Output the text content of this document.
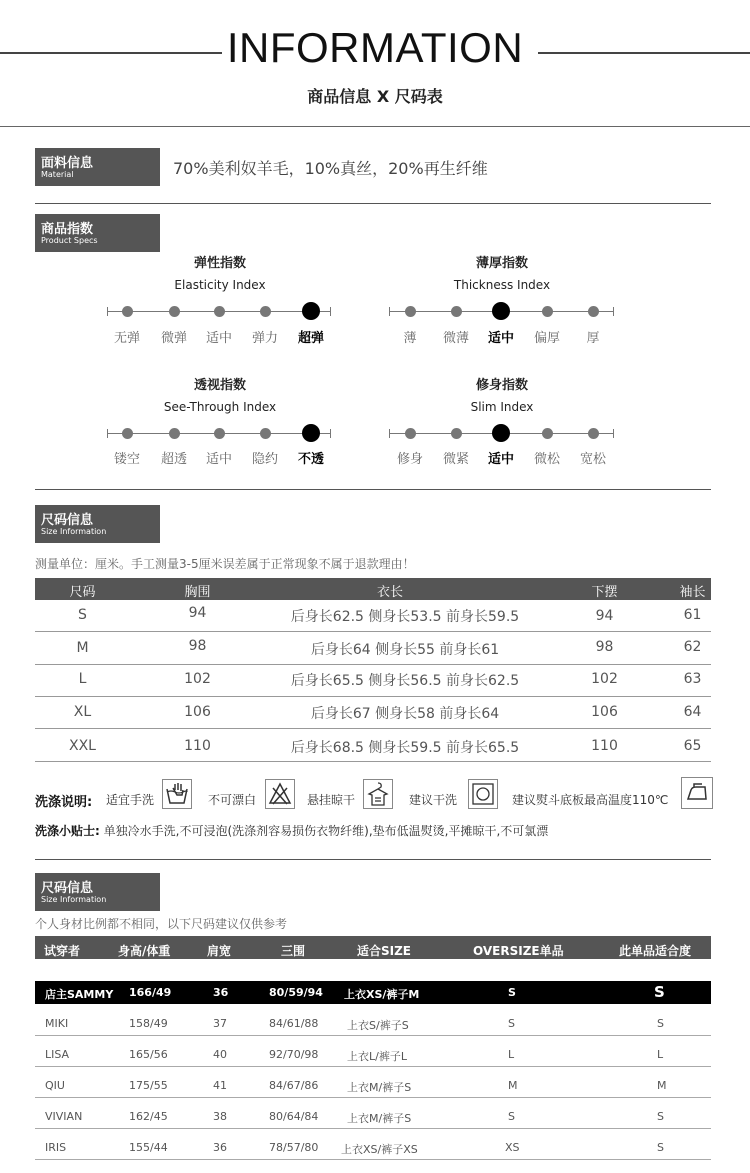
INFORMATION
商品信息 X 尺码表
面料信息
Material	70%美利奴羊毛，10%真丝，20%再生纤维
商品指数
Product Specs
弹性指数
Elasticity Index
无弹	微弹	适中	弹力	超弹
薄厚指数
Thickness Index
薄	微薄	适中	偏厚	厚
透视指数
See-Through Index
镂空	超透	适中	隐约	不透
修身指数
Slim Index
修身	微紧	适中	微松	宽松
尺码信息
Size Information
测量单位：厘米。手工测量3-5厘米误差属于正常现象不属于退款理由！
尺码	胸围	衣长	下摆	袖长
S	94	后身长62.5 侧身长53.5 前身长59.5	94	61
M	98	后身长64 侧身长55 前身长61	98	62
L	102	后身长65.5 侧身长56.5 前身长62.5	102	63
XL	106	后身长67 侧身长58 前身长64	106	64
XXL	110	后身长68.5 侧身长59.5 前身长65.5	110	65
洗涤说明: 适宜手洗	不可漂白	悬挂晾干	建议干洗	建议熨斗底板最高温度110℃
洗涤小贴士: 单独冷水手洗,不可浸泡(洗涤剂容易损伤衣物纤维),垫布低温熨烫,平摊晾干,不可氯漂
尺码信息
Size Information
个人身材比例都不相同，以下尺码建议仅供参考
试穿者	身高/体重	肩宽	三围	适合SIZE	OVERSIZE单品	此单品适合度
店主SAMMY 166/49	36	80/59/94 上衣XS/裤子M	S	S
MIKI	158/49	37	84/61/88	上衣S/裤子S	S	S
LISA	165/56	40	92/70/98	上衣L/裤子L	L	L
QIU	175/55	41	84/67/86	上衣M/裤子S	M	M
VIVIAN	162/45	38	80/64/84	上衣M/裤子S	S	S
IRIS	155/44	36	78/57/80 上衣XS/裤子XS	XS	S
